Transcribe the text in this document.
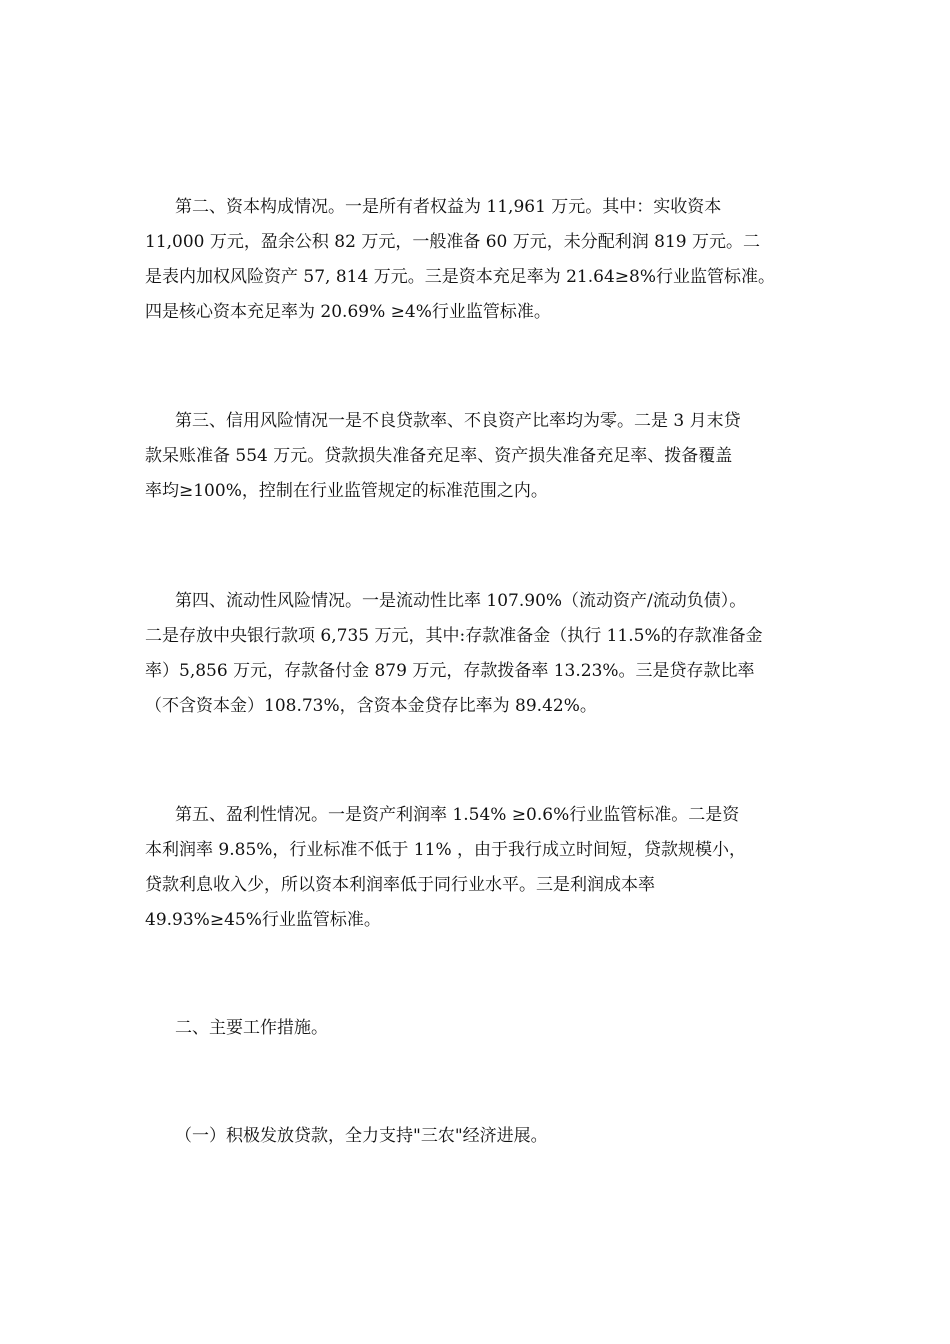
第二、资本构成情况。一是所有者权益为 11,961 万元。其中：实收资本
11,000 万元，盈余公积 82 万元，一般准备 60 万元，未分配利润 819 万元。二
是表内加权风险资产 57, 814 万元。三是资本充足率为 21.64≥8%行业监管标准。
四是核心资本充足率为 20.69% ≥4%行业监管标准。
第三、信用风险情况一是不良贷款率、不良资产比率均为零。二是 3 月末贷
款呆账准备 554 万元。贷款损失准备充足率、资产损失准备充足率、拨备覆盖
率均≥100%，控制在行业监管规定的标准范围之内。
第四、流动性风险情况。一是流动性比率 107.90%（流动资产/流动负债）。
二是存放中央银行款项 6,735 万元，其中:存款准备金（执行 11.5%的存款准备金
率）5,856 万元，存款备付金 879 万元，存款拨备率 13.23%。三是贷存款比率
（不含资本金）108.73%，含资本金贷存比率为 89.42%。
第五、盈利性情况。一是资产利润率 1.54% ≥0.6%行业监管标准。二是资
本利润率 9.85%，行业标准不低于 11% ，由于我行成立时间短，贷款规模小，
贷款利息收入少，所以资本利润率低于同行业水平。三是利润成本率
49.93%≥45%行业监管标准。
二、主要工作措施。
（一）积极发放贷款，全力支持"三农"经济进展。
